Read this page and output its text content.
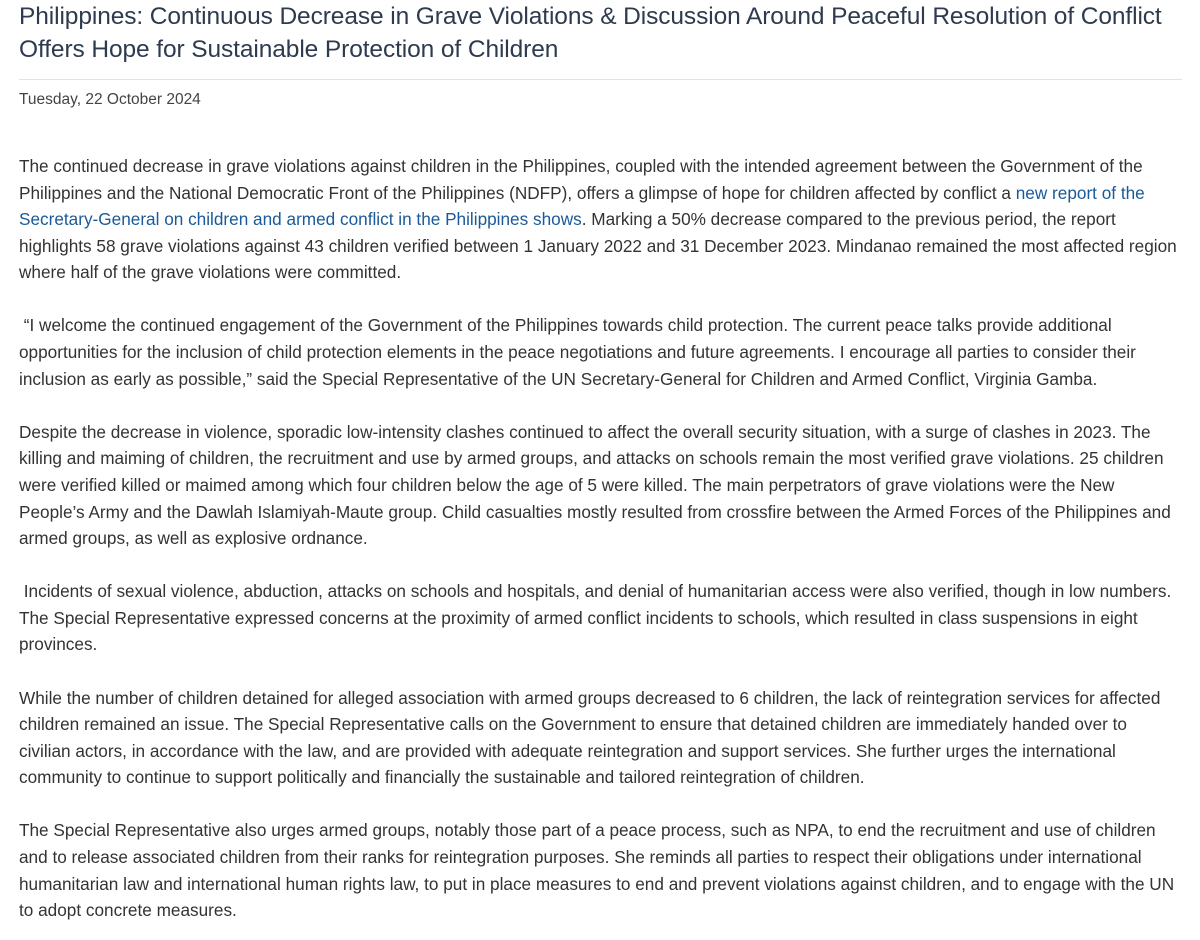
Philippines: Continuous Decrease in Grave Violations & Discussion Around Peaceful Resolution of Conflict Offers Hope for Sustainable Protection of Children
Tuesday, 22 October 2024

The continued decrease in grave violations against children in the Philippines, coupled with the intended agreement between the Government of the Philippines and the National Democratic Front of the Philippines (NDFP), offers a glimpse of hope for children affected by conflict a new report of the Secretary-General on children and armed conflict in the Philippines shows. Marking a 50% decrease compared to the previous period, the report highlights 58 grave violations against 43 children verified between 1 January 2022 and 31 December 2023. Mindanao remained the most affected region where half of the grave violations were committed.

“I welcome the continued engagement of the Government of the Philippines towards child protection. The current peace talks provide additional opportunities for the inclusion of child protection elements in the peace negotiations and future agreements. I encourage all parties to consider their inclusion as early as possible,” said the Special Representative of the UN Secretary-General for Children and Armed Conflict, Virginia Gamba.

Despite the decrease in violence, sporadic low-intensity clashes continued to affect the overall security situation, with a surge of clashes in 2023. The killing and maiming of children, the recruitment and use by armed groups, and attacks on schools remain the most verified grave violations. 25 children were verified killed or maimed among which four children below the age of 5 were killed. The main perpetrators of grave violations were the New People’s Army and the Dawlah Islamiyah-Maute group. Child casualties mostly resulted from crossfire between the Armed Forces of the Philippines and armed groups, as well as explosive ordnance.

Incidents of sexual violence, abduction, attacks on schools and hospitals, and denial of humanitarian access were also verified, though in low numbers. The Special Representative expressed concerns at the proximity of armed conflict incidents to schools, which resulted in class suspensions in eight provinces.

While the number of children detained for alleged association with armed groups decreased to 6 children, the lack of reintegration services for affected children remained an issue. The Special Representative calls on the Government to ensure that detained children are immediately handed over to civilian actors, in accordance with the law, and are provided with adequate reintegration and support services. She further urges the international community to continue to support politically and financially the sustainable and tailored reintegration of children.

The Special Representative also urges armed groups, notably those part of a peace process, such as NPA, to end the recruitment and use of children and to release associated children from their ranks for reintegration purposes. She reminds all parties to respect their obligations under international humanitarian law and international human rights law, to put in place measures to end and prevent violations against children, and to engage with the UN to adopt concrete measures.
